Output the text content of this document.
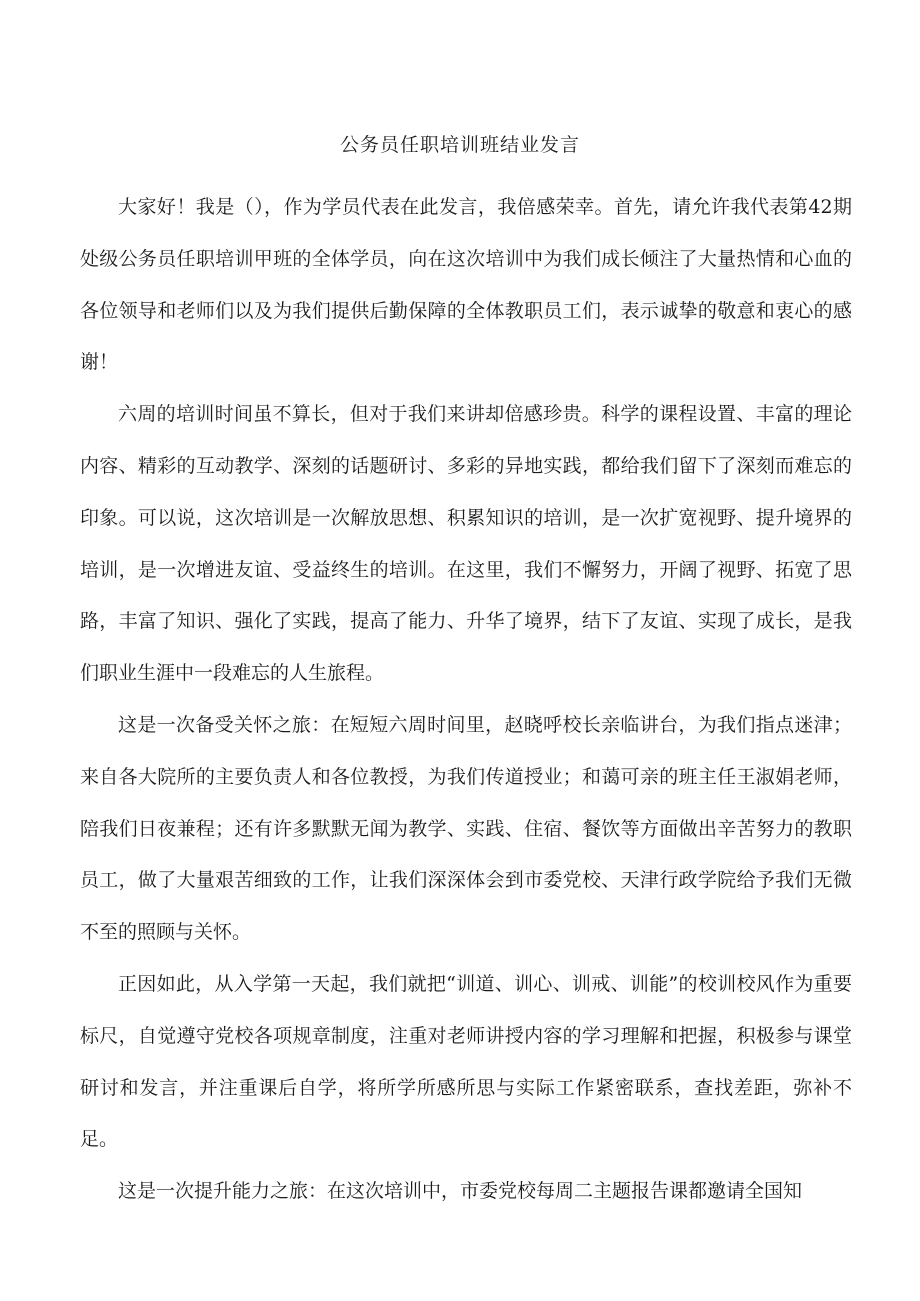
公务员任职培训班结业发言

大家好！我是（），作为学员代表在此发言，我倍感荣幸。首先，请允许我代表第42期处级公务员任职培训甲班的全体学员，向在这次培训中为我们成长倾注了大量热情和心血的各位领导和老师们以及为我们提供后勤保障的全体教职员工们，表示诚挚的敬意和衷心的感谢！

六周的培训时间虽不算长，但对于我们来讲却倍感珍贵。科学的课程设置、丰富的理论内容、精彩的互动教学、深刻的话题研讨、多彩的异地实践，都给我们留下了深刻而难忘的印象。可以说，这次培训是一次解放思想、积累知识的培训，是一次扩宽视野、提升境界的培训，是一次增进友谊、受益终生的培训。在这里，我们不懈努力，开阔了视野、拓宽了思路，丰富了知识、强化了实践，提高了能力、升华了境界，结下了友谊、实现了成长，是我们职业生涯中一段难忘的人生旅程。

这是一次备受关怀之旅：在短短六周时间里，赵晓呼校长亲临讲台，为我们指点迷津；来自各大院所的主要负责人和各位教授，为我们传道授业；和蔼可亲的班主任王淑娟老师，陪我们日夜兼程；还有许多默默无闻为教学、实践、住宿、餐饮等方面做出辛苦努力的教职员工，做了大量艰苦细致的工作，让我们深深体会到市委党校、天津行政学院给予我们无微不至的照顾与关怀。

正因如此，从入学第一天起，我们就把“训道、训心、训戒、训能”的校训校风作为重要标尺，自觉遵守党校各项规章制度，注重对老师讲授内容的学习理解和把握，积极参与课堂研讨和发言，并注重课后自学，将所学所感所思与实际工作紧密联系，查找差距，弥补不足。

这是一次提升能力之旅：在这次培训中，市委党校每周二主题报告课都邀请全国知
